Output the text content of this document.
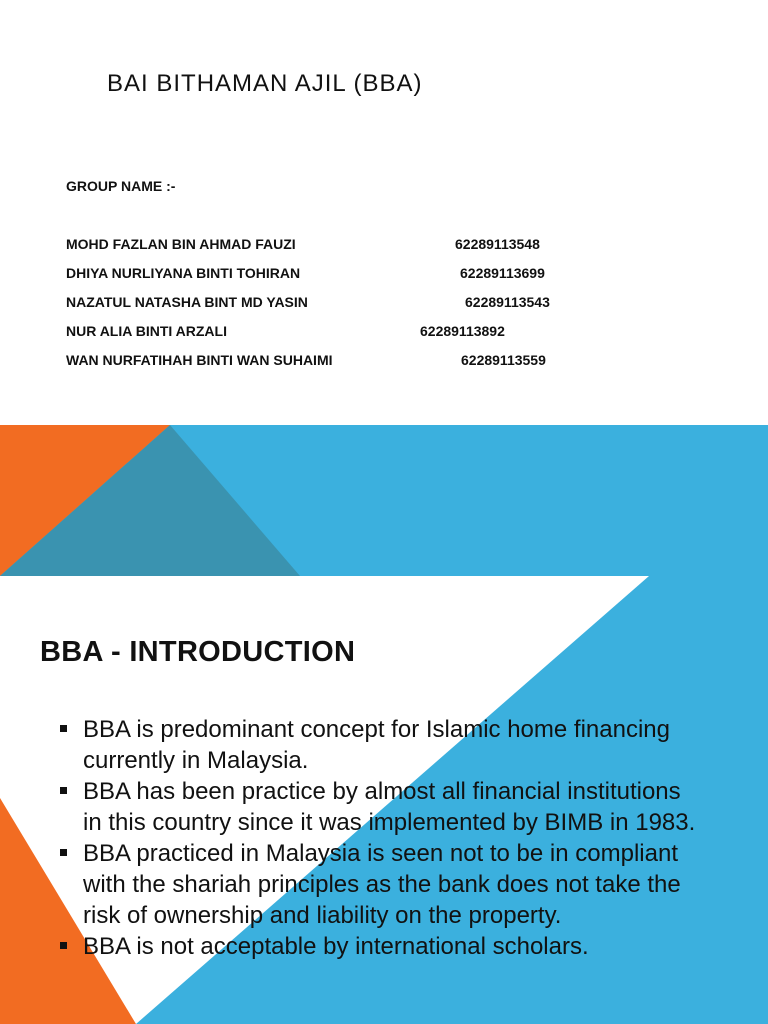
BAI BITHAMAN AJIL (BBA)
GROUP NAME :-
MOHD FAZLAN BIN AHMAD FAUZI	62289113548
DHIYA NURLIYANA BINTI TOHIRAN	62289113699
NAZATUL NATASHA BINT MD YASIN	62289113543
NUR ALIA BINTI ARZALI	62289113892
WAN NURFATIHAH BINTI WAN SUHAIMI	62289113559
BBA - INTRODUCTION
BBA is predominant concept for Islamic home financing currently in Malaysia.
BBA has been practice by almost all financial institutions in this country since it was implemented by BIMB in 1983.
BBA practiced in Malaysia is seen not to be in compliant with the shariah principles as the bank does not take the risk of ownership and liability on the property.
BBA is not acceptable by international scholars.
